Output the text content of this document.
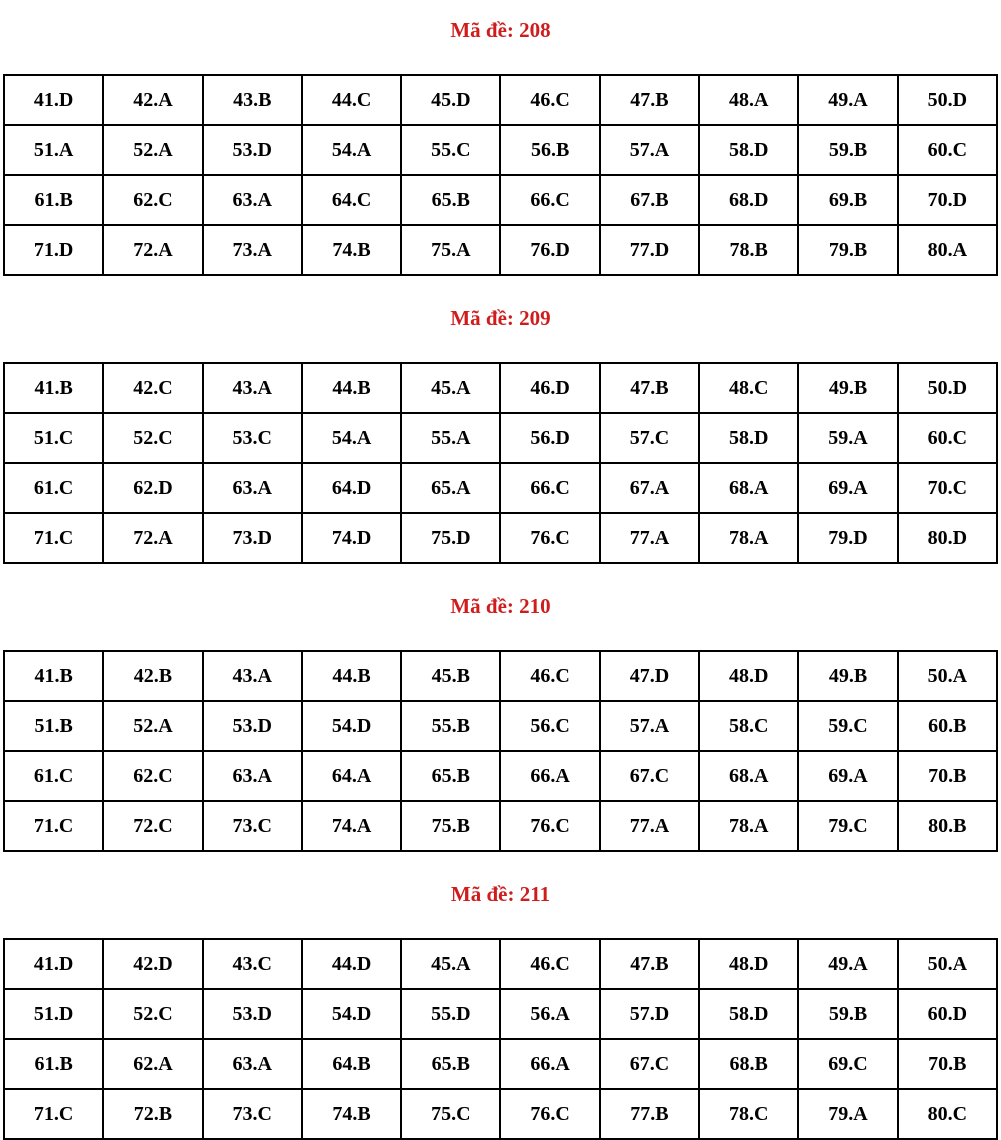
Mã đề: 208
41.D	42.A	43.B	44.C	45.D	46.C	47.B	48.A	49.A	50.D
51.A	52.A	53.D	54.A	55.C	56.B	57.A	58.D	59.B	60.C
61.B	62.C	63.A	64.C	65.B	66.C	67.B	68.D	69.B	70.D
71.D	72.A	73.A	74.B	75.A	76.D	77.D	78.B	79.B	80.A
Mã đề: 209
41.B	42.C	43.A	44.B	45.A	46.D	47.B	48.C	49.B	50.D
51.C	52.C	53.C	54.A	55.A	56.D	57.C	58.D	59.A	60.C
61.C	62.D	63.A	64.D	65.A	66.C	67.A	68.A	69.A	70.C
71.C	72.A	73.D	74.D	75.D	76.C	77.A	78.A	79.D	80.D
Mã đề: 210
41.B	42.B	43.A	44.B	45.B	46.C	47.D	48.D	49.B	50.A
51.B	52.A	53.D	54.D	55.B	56.C	57.A	58.C	59.C	60.B
61.C	62.C	63.A	64.A	65.B	66.A	67.C	68.A	69.A	70.B
71.C	72.C	73.C	74.A	75.B	76.C	77.A	78.A	79.C	80.B
Mã đề: 211
41.D	42.D	43.C	44.D	45.A	46.C	47.B	48.D	49.A	50.A
51.D	52.C	53.D	54.D	55.D	56.A	57.D	58.D	59.B	60.D
61.B	62.A	63.A	64.B	65.B	66.A	67.C	68.B	69.C	70.B
71.C	72.B	73.C	74.B	75.C	76.C	77.B	78.C	79.A	80.C
